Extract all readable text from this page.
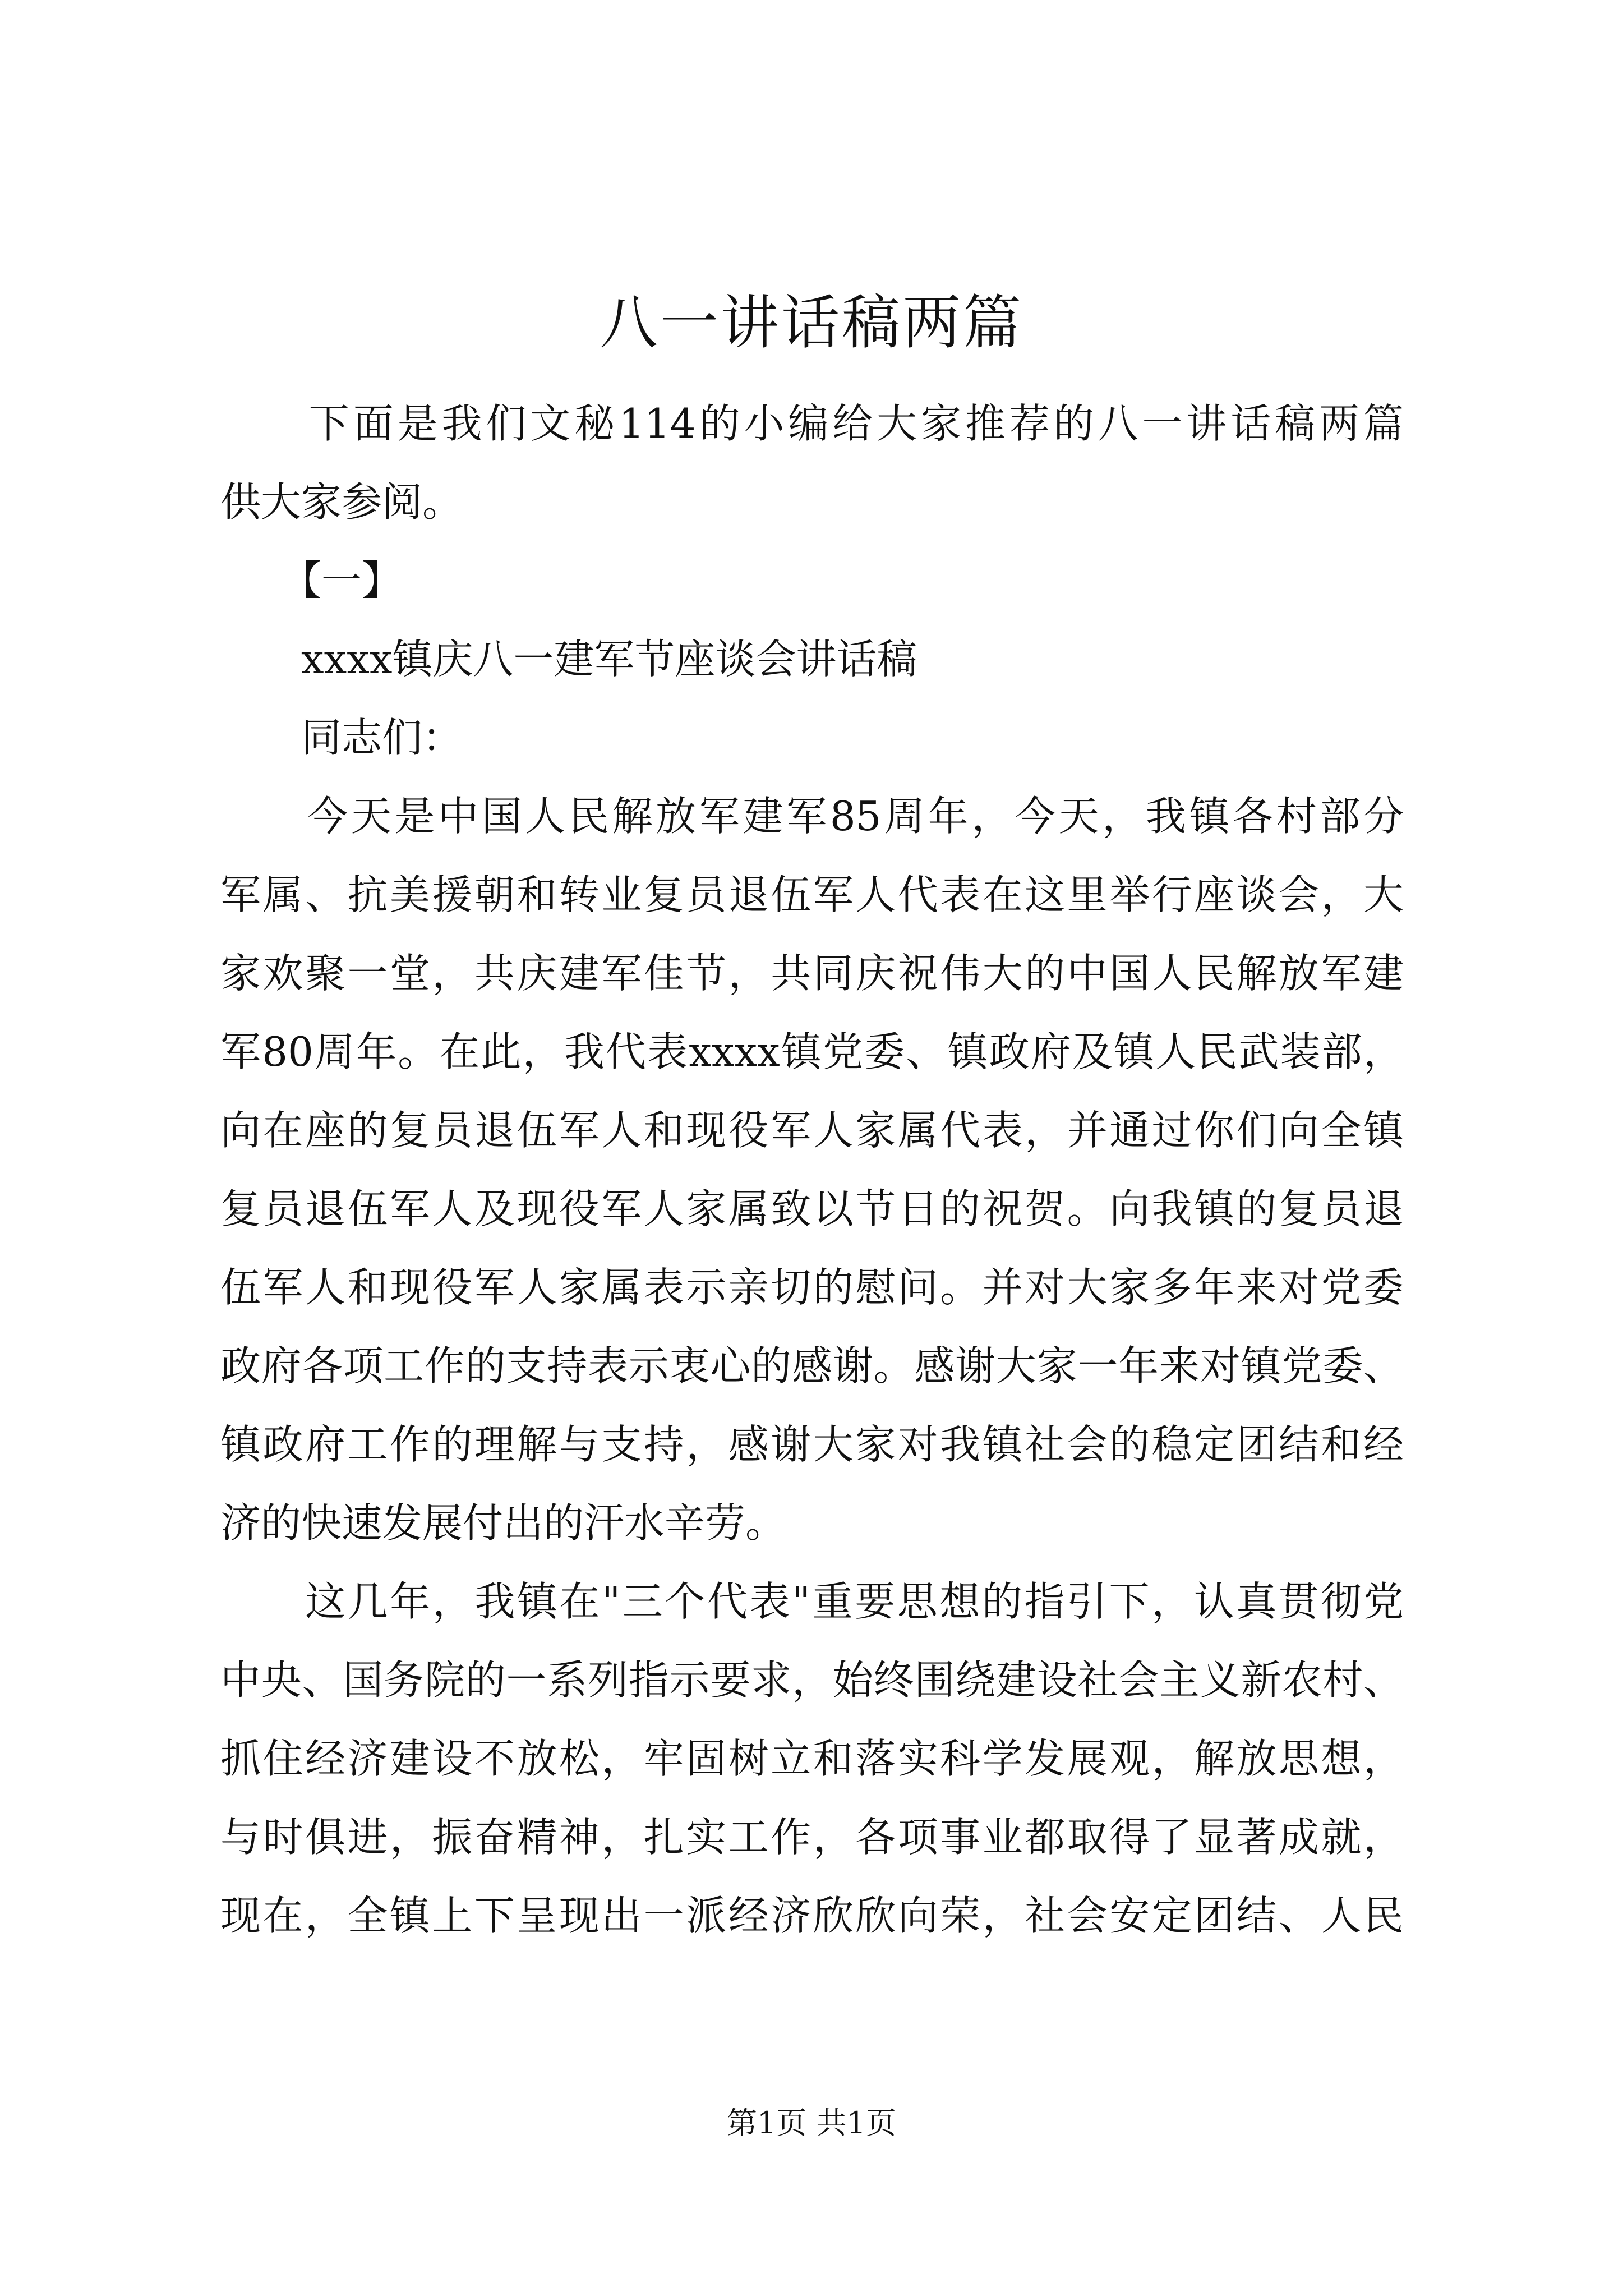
八一讲话稿两篇
　　下面是我们文秘114的小编给大家推荐的八一讲话稿两篇
供大家参阅。
　　【一】
　　xxxx镇庆八一建军节座谈会讲话稿
　　同志们：
　　今天是中国人民解放军建军85周年，今天，我镇各村部分
军属、抗美援朝和转业复员退伍军人代表在这里举行座谈会，大
家欢聚一堂，共庆建军佳节，共同庆祝伟大的中国人民解放军建
军80周年。在此，我代表xxxx镇党委、镇政府及镇人民武装部，
向在座的复员退伍军人和现役军人家属代表，并通过你们向全镇
复员退伍军人及现役军人家属致以节日的祝贺。向我镇的复员退
伍军人和现役军人家属表示亲切的慰问。并对大家多年来对党委
政府各项工作的支持表示衷心的感谢。感谢大家一年来对镇党委、
镇政府工作的理解与支持，感谢大家对我镇社会的稳定团结和经
济的快速发展付出的汗水辛劳。
　　这几年，我镇在"三个代表"重要思想的指引下，认真贯彻党
中央、国务院的一系列指示要求，始终围绕建设社会主义新农村、
抓住经济建设不放松，牢固树立和落实科学发展观，解放思想，
与时俱进，振奋精神，扎实工作，各项事业都取得了显著成就，
现在，全镇上下呈现出一派经济欣欣向荣，社会安定团结、人民
第1页 共1页
